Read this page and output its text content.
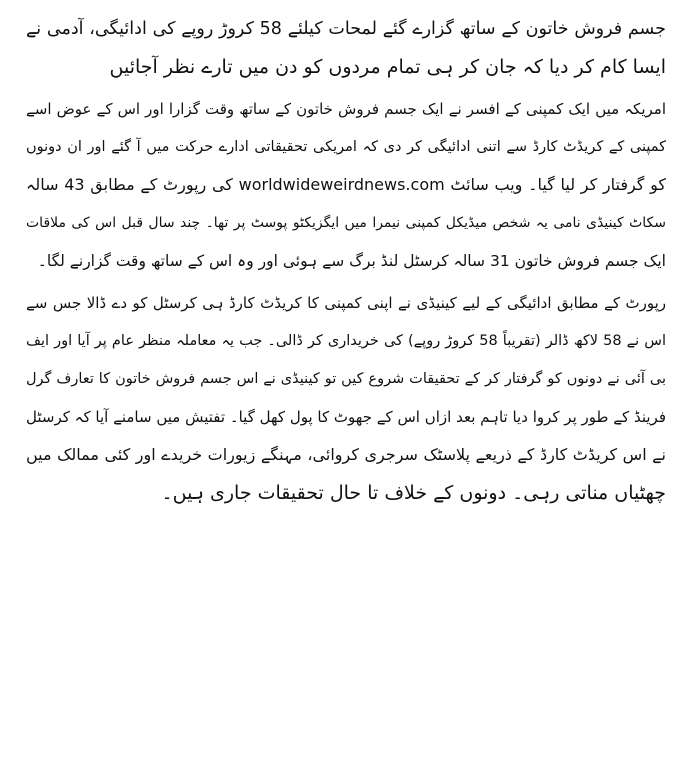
جسم فروش خاتون کے ساتھ گزارے گئے لمحات کیلئے 58 کروڑ روپے کی ادائیگی، آدمی نے
ایسا کام کر دیا کہ جان کر ہی تمام مردوں کو دن میں تارے نظر آجائیں
امریکہ میں ایک کمپنی کے افسر نے ایک جسم فروش خاتون کے ساتھ وقت گزارا اور اس کے عوض اسے
کمپنی کے کریڈٹ کارڈ سے اتنی ادائیگی کر دی کہ امریکی تحقیقاتی ادارے حرکت میں آ گئے اور ان دونوں
کو گرفتار کر لیا گیا۔ ویب سائٹ worldwideweirdnews.com کی رپورٹ کے مطابق 43 سالہ
سکاٹ کینیڈی نامی یہ شخص میڈیکل کمپنی نیمرا میں ایگزیکٹو پوسٹ پر تھا۔ چند سال قبل اس کی ملاقات
ایک جسم فروش خاتون 31 سالہ کرسٹل لنڈ برگ سے ہوئی اور وہ اس کے ساتھ وقت گزارنے لگا۔
رپورٹ کے مطابق ادائیگی کے لیے کینیڈی نے اپنی کمپنی کا کریڈٹ کارڈ ہی کرسٹل کو دے ڈالا جس سے
اس نے 58 لاکھ ڈالر (تقریباً 58 کروڑ روپے) کی خریداری کر ڈالی۔ جب یہ معاملہ منظر عام پر آیا اور ایف
بی آئی نے دونوں کو گرفتار کر کے تحقیقات شروع کیں تو کینیڈی نے اس جسم فروش خاتون کا تعارف گرل
فرینڈ کے طور پر کروا دیا تاہم بعد ازاں اس کے جھوٹ کا پول کھل گیا۔ تفتیش میں سامنے آیا کہ کرسٹل
نے اس کریڈٹ کارڈ کے ذریعے پلاسٹک سرجری کروائی، مہنگے زیورات خریدے اور کئی ممالک میں
چھٹیاں مناتی رہی۔ دونوں کے خلاف تا حال تحقیقات جاری ہیں۔
